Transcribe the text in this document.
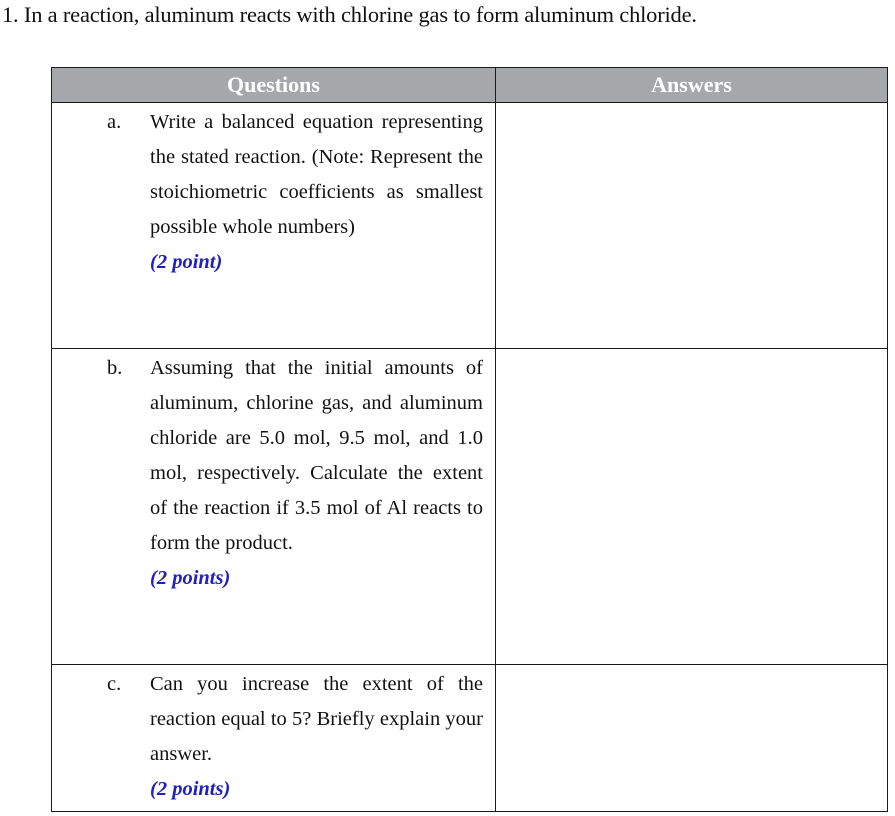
1. In a reaction, aluminum reacts with chlorine gas to form aluminum chloride.
Questions	Answers

a. Write a balanced equation representing the stated reaction. (Note: Represent the stoichiometric coefficients as smallest possible whole numbers)
(2 point)	

b. Assuming that the initial amounts of aluminum, chlorine gas, and aluminum chloride are 5.0 mol, 9.5 mol, and 1.0 mol, respectively. Calculate the extent of the reaction if 3.5 mol of Al reacts to form the product.
(2 points)	

c. Can you increase the extent of the reaction equal to 5? Briefly explain your answer.
(2 points)	
